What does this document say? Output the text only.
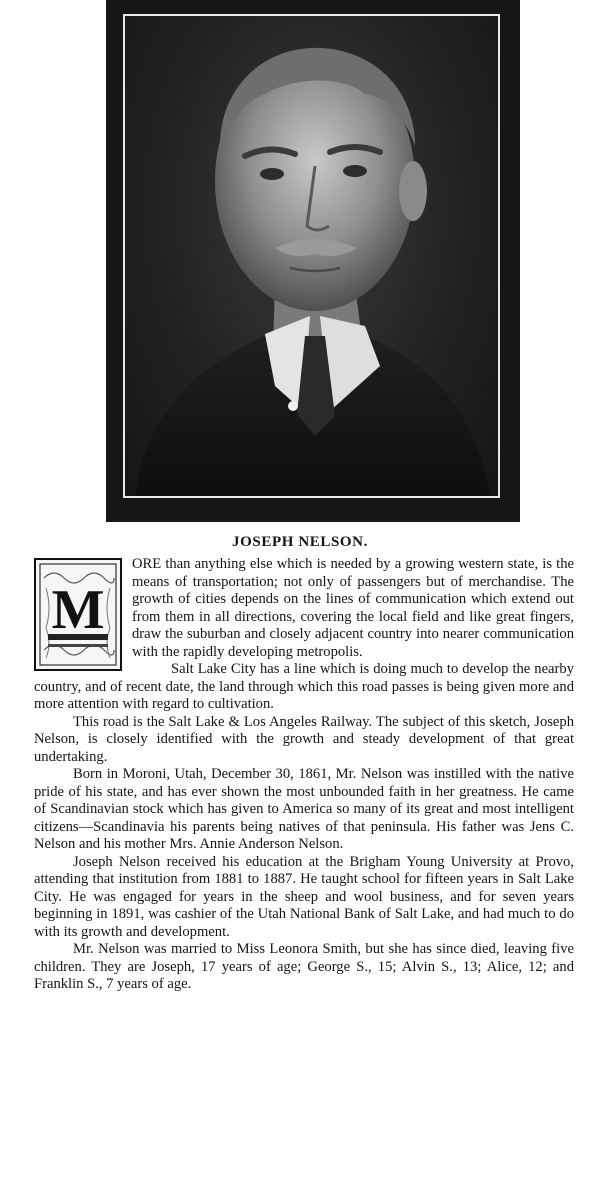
JOSEPH NELSON.

M
ORE than anything else which is needed by a growing western state, is the means of transportation; not only of passengers but of merchandise. The growth of cities depends on the lines of communication which extend out from them in all directions, covering the local field and like great fingers, draw the suburban and closely adjacent country into nearer communication with the rapidly developing metropolis.

Salt Lake City has a line which is doing much to develop the nearby country, and of recent date, the land through which this road passes is being given more and more attention with regard to cultivation.

This road is the Salt Lake & Los Angeles Railway. The subject of this sketch, Joseph Nelson, is closely identified with the growth and steady development of that great undertaking.

Born in Moroni, Utah, December 30, 1861, Mr. Nelson was instilled with the native pride of his state, and has ever shown the most unbounded faith in her greatness. He came of Scandinavian stock which has given to America so many of its great and most intelligent citizens—Scandinavia his parents being natives of that peninsula. His father was Jens C. Nelson and his mother Mrs. Annie Anderson Nelson.

Joseph Nelson received his education at the Brigham Young University at Provo, attending that institution from 1881 to 1887. He taught school for fifteen years in Salt Lake City. He was engaged for years in the sheep and wool business, and for seven years beginning in 1891, was cashier of the Utah National Bank of Salt Lake, and had much to do with its growth and development.

Mr. Nelson was married to Miss Leonora Smith, but she has since died, leaving five children. They are Joseph, 17 years of age; George S., 15; Alvin S., 13; Alice, 12; and Franklin S., 7 years of age.
